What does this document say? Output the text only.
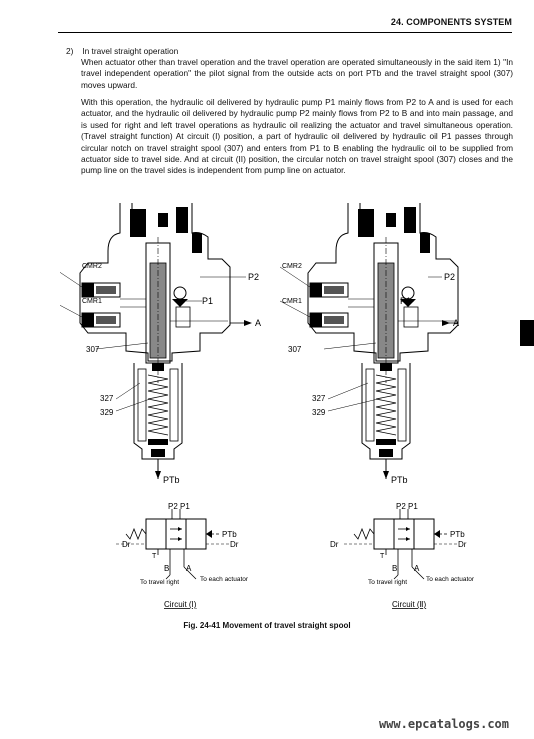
24. COMPONENTS SYSTEM
2) In travel straight operation
When actuator other than travel operation and the travel operation are operated simultaneously in the said item 1) "In travel independent operation" the pilot signal from the outside acts on port PTb and the travel straight spool (307) moves upward.
With this operation, the hydraulic oil delivered by hydraulic pump P1 mainly flows from P2 to A and is used for each actuator, and the hydraulic oil delivered by hydraulic pump P2 mainly flows from P2 to B and into main passage, and is used for right and left travel operations as hydraulic oil realizing the actuator and travel simultaneous operation. (Travel straight function) At circuit (I) position, a part of hydraulic oil delivered by hydraulic oil P1 passes through circular notch on travel straight spool (307) and enters from P1 to B enabling the hydraulic oil to be supplied from actuator side to travel side. And at circuit (II) position, the circular notch on travel straight spool (307) closes and the pump line on the travel sides is independent from pump line on actuator.
CMR2
CMR1
P2
P1
A
307
327
329
PTb
P2 P1
Dr	Dr
PTb
T
B A
To travel right	To each actuator
Circuit (I)
CMR2
CMR1
P2
P1
A
307
327
329
PTb
P2 P1
Dr	Dr
PTb
T
B A
To travel right	To each actuator
Circuit (Ⅱ)
Fig. 24-41 Movement of travel straight spool
www.epcatalogs.com
